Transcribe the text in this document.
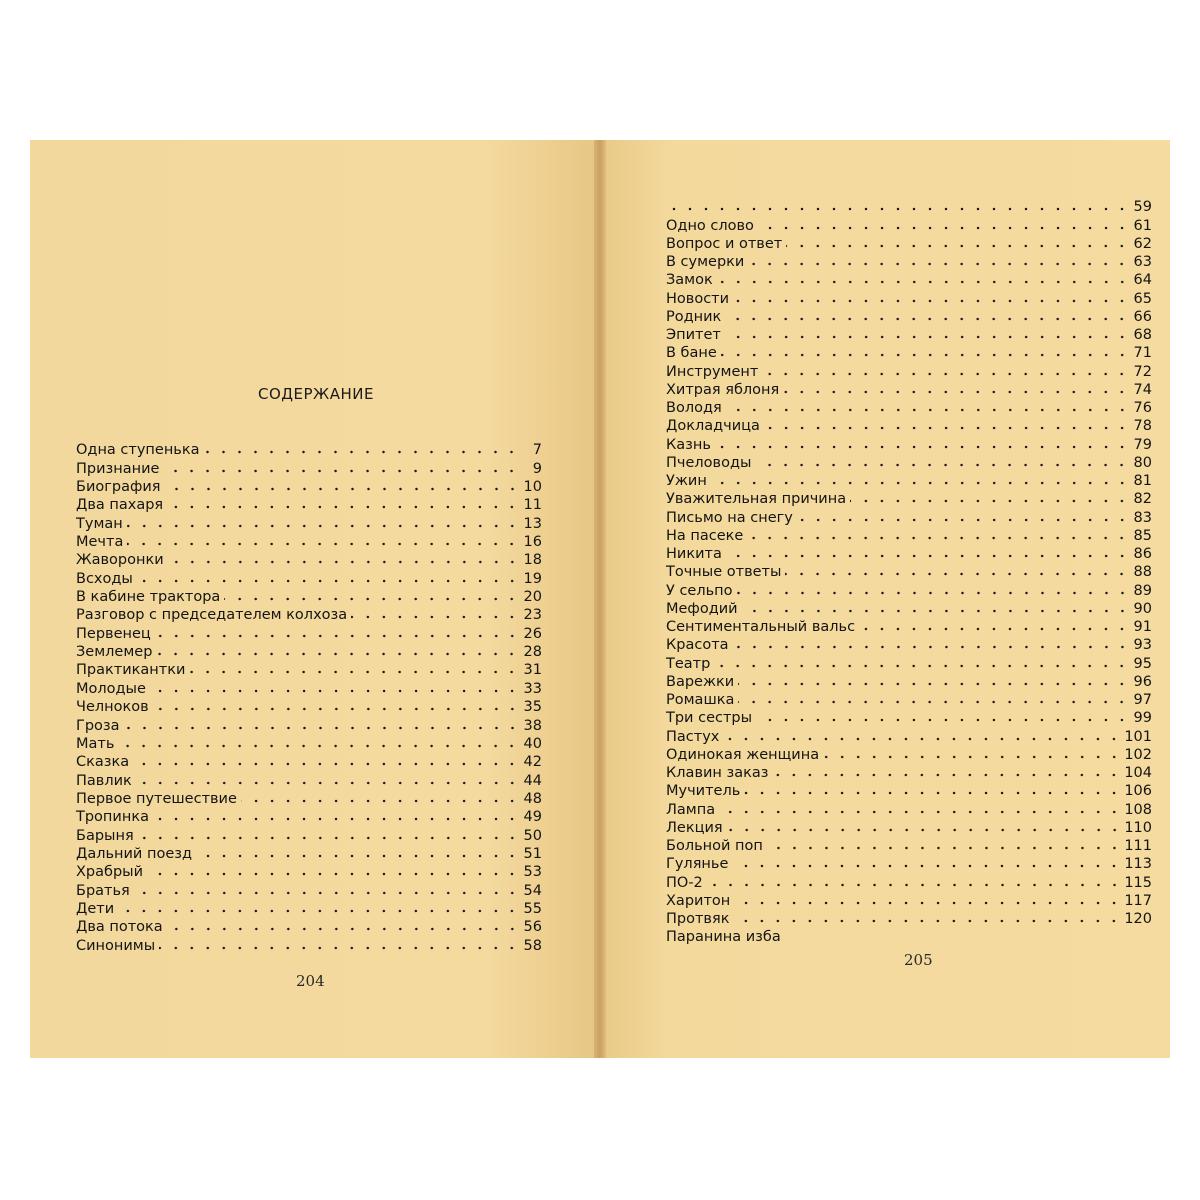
СОДЕРЖАНИЕ
Одна ступенька	7
Признание	9
Биография	10
Два пахаря	11
Туман	13
Мечта	16
Жаворонки	18
Всходы	19
В кабине трактора	20
Разговор с председателем колхоза	23
Первенец	26
Землемер	28
Практикантки	31
Молодые	33
Челноков	35
Гроза	38
Мать	40
Сказка	42
Павлик	44
Первое путешествие	48
Тропинка	49
Барыня	50
Дальний поезд	51
Храбрый	53
Братья	54
Дети	55
Два потока	56
Синонимы	58
59
Одно слово	61
Вопрос и ответ	62
В сумерки	63
Замок	64
Новости	65
Родник	66
Эпитет	68
В бане	71
Инструмент	72
Хитрая яблоня	74
Володя	76
Докладчица	78
Казнь	79
Пчеловоды	80
Ужин	81
Уважительная причина	82
Письмо на снегу	83
На пасеке	85
Никита	86
Точные ответы	88
У сельпо	89
Мефодий	90
Сентиментальный вальс	91
Красота	93
Театр	95
Варежки	96
Ромашка	97
Три сестры	99
Пастух	101
Одинокая женщина	102
Клавин заказ	104
Мучитель	106
Лампа	108
Лекция	110
Больной поп	111
Гулянье	113
ПО-2	115
Харитон	117
Протвяк	120
Паранина изба
204
205
